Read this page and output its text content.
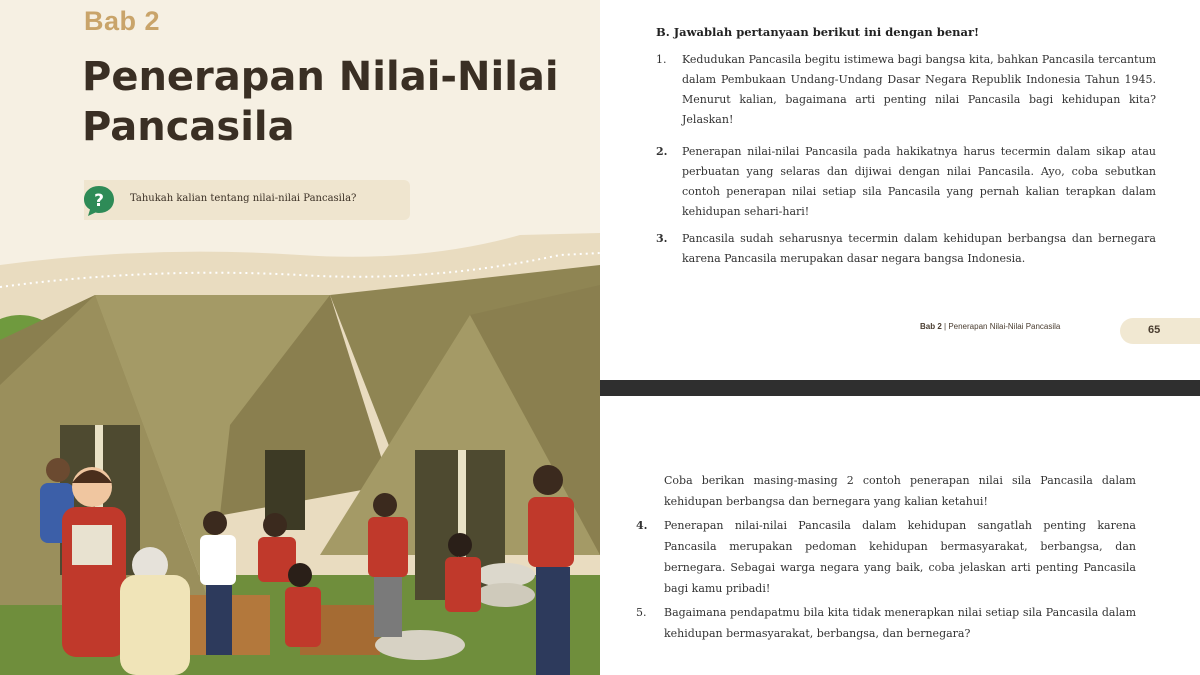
Bab 2
Penerapan Nilai-Nilai Pancasila
?	Tahukah kalian tentang nilai-nilai Pancasila?
B. Jawablah pertanyaan berikut ini dengan benar!
1. Kedudukan Pancasila begitu istimewa bagi bangsa kita, bahkan Pancasila tercantum dalam Pembukaan Undang-Undang Dasar Negara Republik Indonesia Tahun 1945. Menurut kalian, bagaimana arti penting nilai Pancasila bagi kehidupan kita? Jelaskan!
2. Penerapan nilai-nilai Pancasila pada hakikatnya harus tecermin dalam sikap atau perbuatan yang selaras dan dijiwai dengan nilai Pancasila. Ayo, coba sebutkan contoh penerapan nilai setiap sila Pancasila yang pernah kalian terapkan dalam kehidupan sehari-hari!
3. Pancasila sudah seharusnya tecermin dalam kehidupan berbangsa dan bernegara karena Pancasila merupakan dasar negara bangsa Indonesia.
Bab 2 | Penerapan Nilai-Nilai Pancasila	65
Coba berikan masing-masing 2 contoh penerapan nilai sila Pancasila dalam kehidupan berbangsa dan bernegara yang kalian ketahui!
4. Penerapan nilai-nilai Pancasila dalam kehidupan sangatlah penting karena Pancasila merupakan pedoman kehidupan bermasyarakat, berbangsa, dan bernegara. Sebagai warga negara yang baik, coba jelaskan arti penting Pancasila bagi kamu pribadi!
5. Bagaimana pendapatmu bila kita tidak menerapkan nilai setiap sila Pancasila dalam kehidupan bermasyarakat, berbangsa, dan bernegara?
